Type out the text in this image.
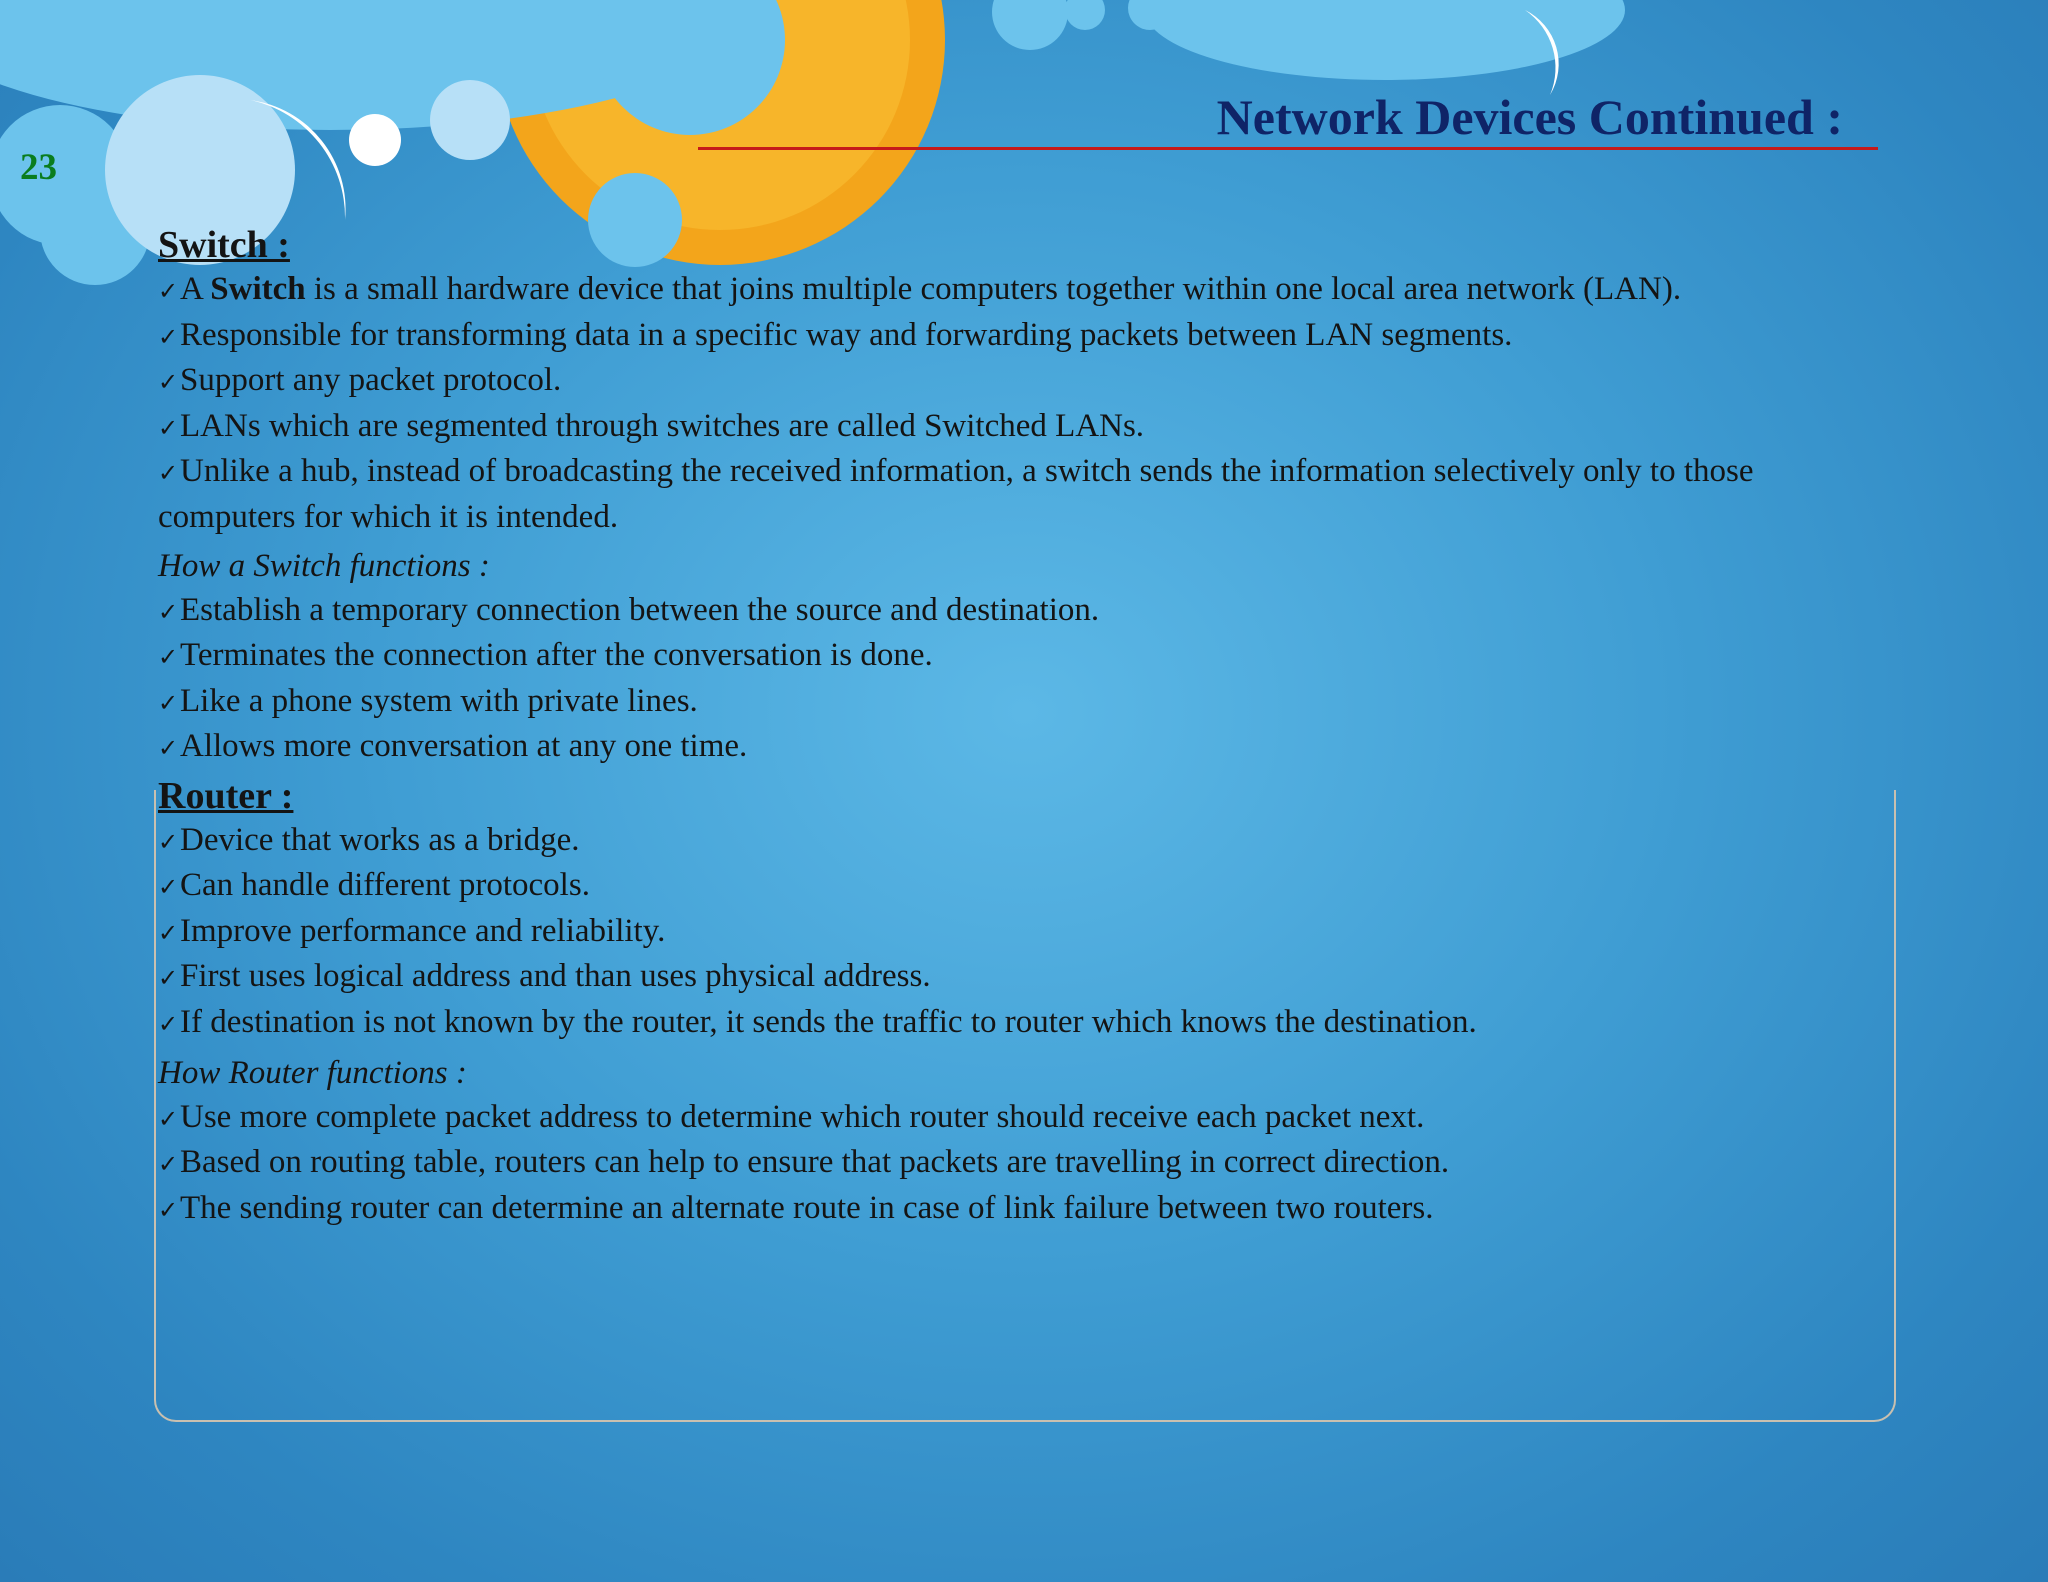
23
Network Devices Continued :
Switch :
✓A Switch is a small hardware device that joins multiple computers together within one local area network (LAN).
✓Responsible for transforming data in a specific way and forwarding packets between LAN segments.
✓Support any packet protocol.
✓LANs which are segmented through switches are called Switched LANs.
✓Unlike a hub, instead of broadcasting the received information, a switch sends the information selectively only to those computers for which it is intended.
How a Switch functions :
✓Establish a temporary connection between the source and destination.
✓Terminates the connection after the conversation is done.
✓Like a phone system with private lines.
✓Allows more conversation at any one time.
Router :
✓Device that works as a bridge.
✓Can handle different protocols.
✓Improve performance and reliability.
✓First uses logical address and than uses physical address.
✓If destination is not known by the router, it sends the traffic to router which knows the destination.
How Router functions :
✓Use more complete packet address to determine which router should receive each packet next.
✓Based on routing table, routers can help to ensure that packets are travelling in correct direction.
✓The sending router can determine an alternate route in case of link failure between two routers.
